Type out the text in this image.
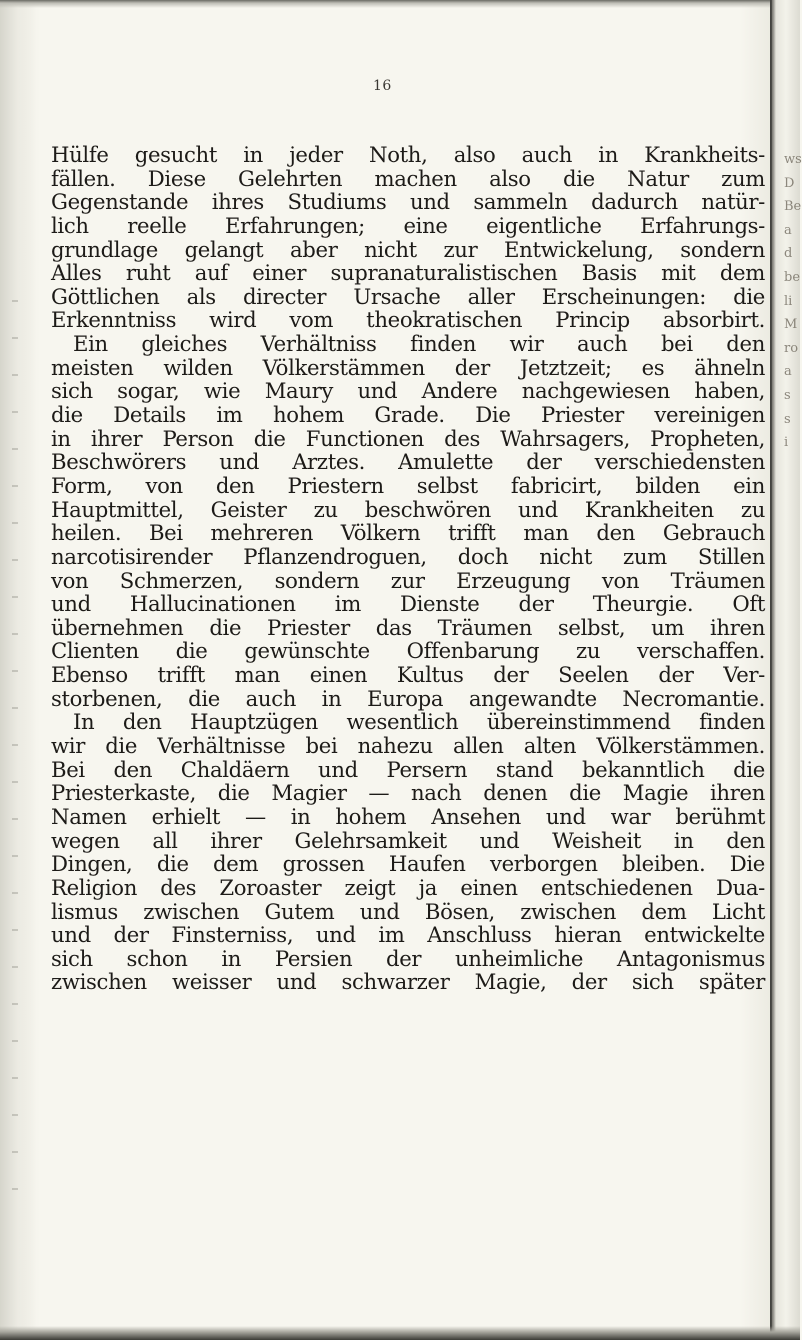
16
Hülfe gesucht in jeder Noth, also auch in Krankheits-
fällen. Diese Gelehrten machen also die Natur zum
Gegenstande ihres Studiums und sammeln dadurch natür-
lich reelle Erfahrungen; eine eigentliche Erfahrungs-
grundlage gelangt aber nicht zur Entwickelung, sondern
Alles ruht auf einer supranaturalistischen Basis mit dem
Göttlichen als directer Ursache aller Erscheinungen: die
Erkenntniss wird vom theokratischen Princip absorbirt.
Ein gleiches Verhältniss finden wir auch bei den
meisten wilden Völkerstämmen der Jetztzeit; es ähneln
sich sogar, wie Maury und Andere nachgewiesen haben,
die Details im hohem Grade. Die Priester vereinigen
in ihrer Person die Functionen des Wahrsagers, Propheten,
Beschwörers und Arztes. Amulette der verschiedensten
Form, von den Priestern selbst fabricirt, bilden ein
Hauptmittel, Geister zu beschwören und Krankheiten zu
heilen. Bei mehreren Völkern trifft man den Gebrauch
narcotisirender Pflanzendroguen, doch nicht zum Stillen
von Schmerzen, sondern zur Erzeugung von Träumen
und Hallucinationen im Dienste der Theurgie. Oft
übernehmen die Priester das Träumen selbst, um ihren
Clienten die gewünschte Offenbarung zu verschaffen.
Ebenso trifft man einen Kultus der Seelen der Ver-
storbenen, die auch in Europa angewandte Necromantie.
In den Hauptzügen wesentlich übereinstimmend finden
wir die Verhältnisse bei nahezu allen alten Völkerstämmen.
Bei den Chaldäern und Persern stand bekanntlich die
Priesterkaste, die Magier — nach denen die Magie ihren
Namen erhielt — in hohem Ansehen und war berühmt
wegen all ihrer Gelehrsamkeit und Weisheit in den
Dingen, die dem grossen Haufen verborgen bleiben. Die
Religion des Zoroaster zeigt ja einen entschiedenen Dua-
lismus zwischen Gutem und Bösen, zwischen dem Licht
und der Finsterniss, und im Anschluss hieran entwickelte
sich schon in Persien der unheimliche Antagonismus
zwischen weisser und schwarzer Magie, der sich später
ws
D
Be
a
d
be
li
M
ro
a
s
s
i
